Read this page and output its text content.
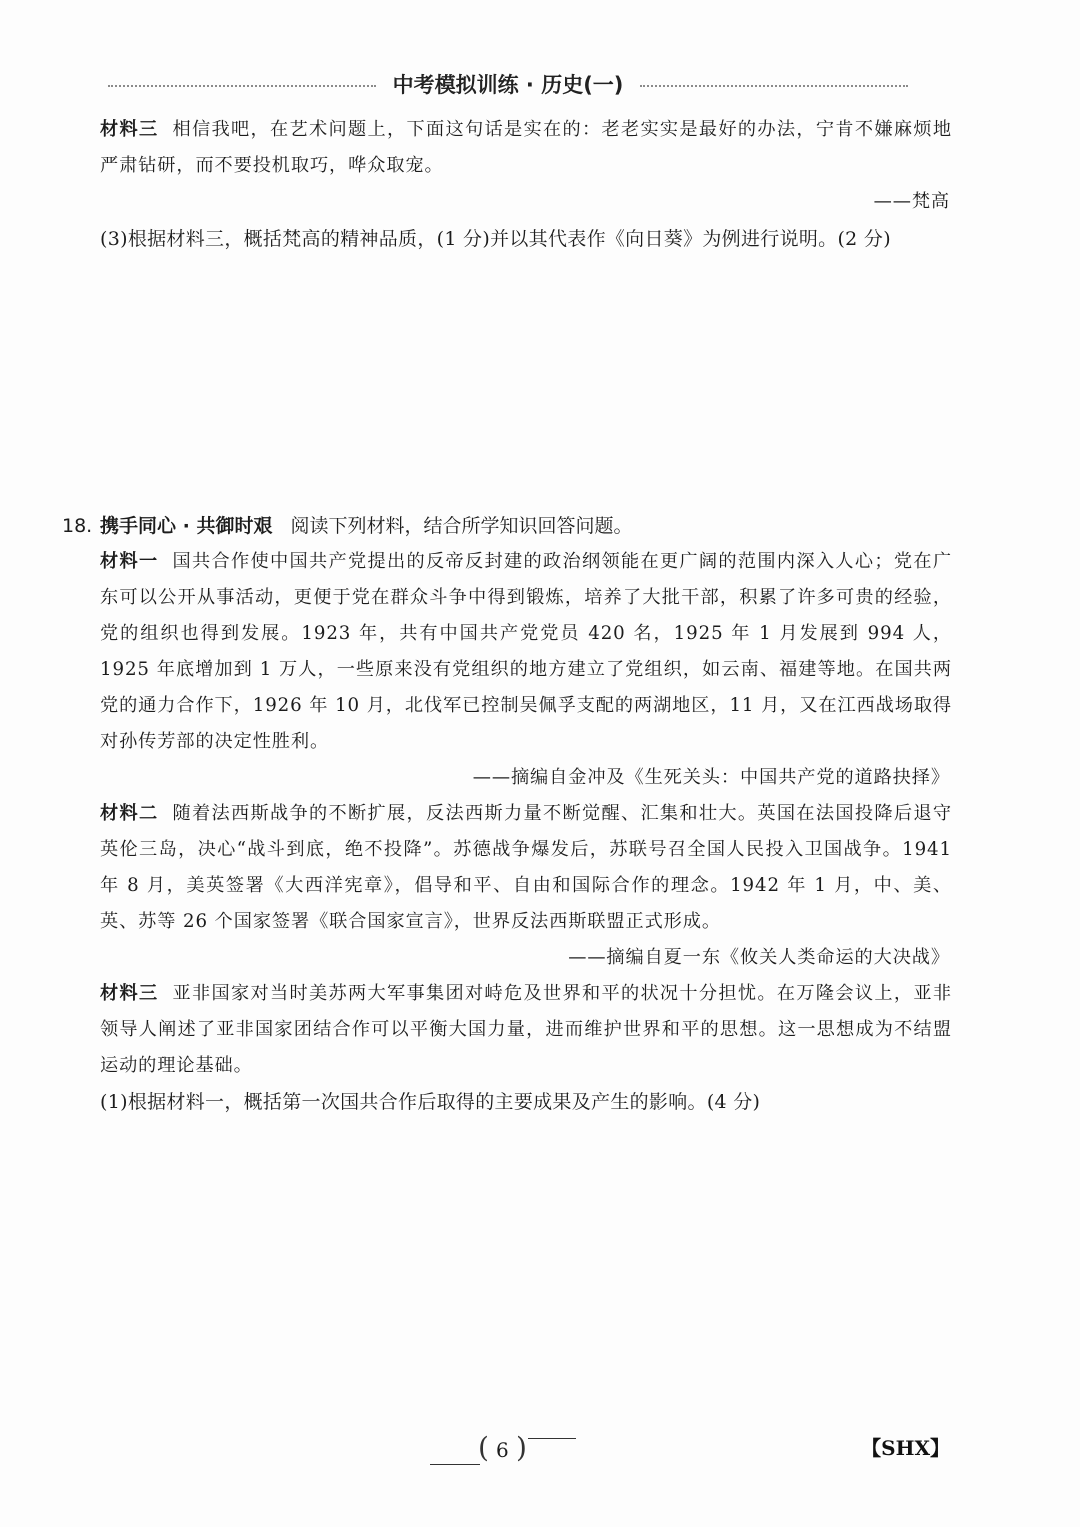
中考模拟训练 · 历史(一)
材料三 相信我吧，在艺术问题上，下面这句话是实在的：老老实实是最好的办法，宁肯不嫌麻烦地严肃钻研，而不要投机取巧，哗众取宠。
——梵高
(3)根据材料三，概括梵高的精神品质，(1 分)并以其代表作《向日葵》为例进行说明。(2 分)
18. 携手同心 · 共御时艰 阅读下列材料，结合所学知识回答问题。
材料一 国共合作使中国共产党提出的反帝反封建的政治纲领能在更广阔的范围内深入人心；党在广东可以公开从事活动，更便于党在群众斗争中得到锻炼，培养了大批干部，积累了许多可贵的经验，党的组织也得到发展。1923 年，共有中国共产党党员 420 名，1925 年 1 月发展到 994 人，1925 年底增加到 1 万人，一些原来没有党组织的地方建立了党组织，如云南、福建等地。在国共两党的通力合作下，1926 年 10 月，北伐军已控制吴佩孚支配的两湖地区，11 月，又在江西战场取得对孙传芳部的决定性胜利。
——摘编自金冲及《生死关头：中国共产党的道路抉择》
材料二 随着法西斯战争的不断扩展，反法西斯力量不断觉醒、汇集和壮大。英国在法国投降后退守英伦三岛，决心“战斗到底，绝不投降”。苏德战争爆发后，苏联号召全国人民投入卫国战争。1941 年 8 月，美英签署《大西洋宪章》，倡导和平、自由和国际合作的理念。1942 年 1 月，中、美、英、苏等 26 个国家签署《联合国家宣言》，世界反法西斯联盟正式形成。
——摘编自夏一东《攸关人类命运的大决战》
材料三 亚非国家对当时美苏两大军事集团对峙危及世界和平的状况十分担忧。在万隆会议上，亚非领导人阐述了亚非国家团结合作可以平衡大国力量，进而维护世界和平的思想。这一思想成为不结盟运动的理论基础。
(1)根据材料一，概括第一次国共合作后取得的主要成果及产生的影响。(4 分)
( 6 )	【SHX】
